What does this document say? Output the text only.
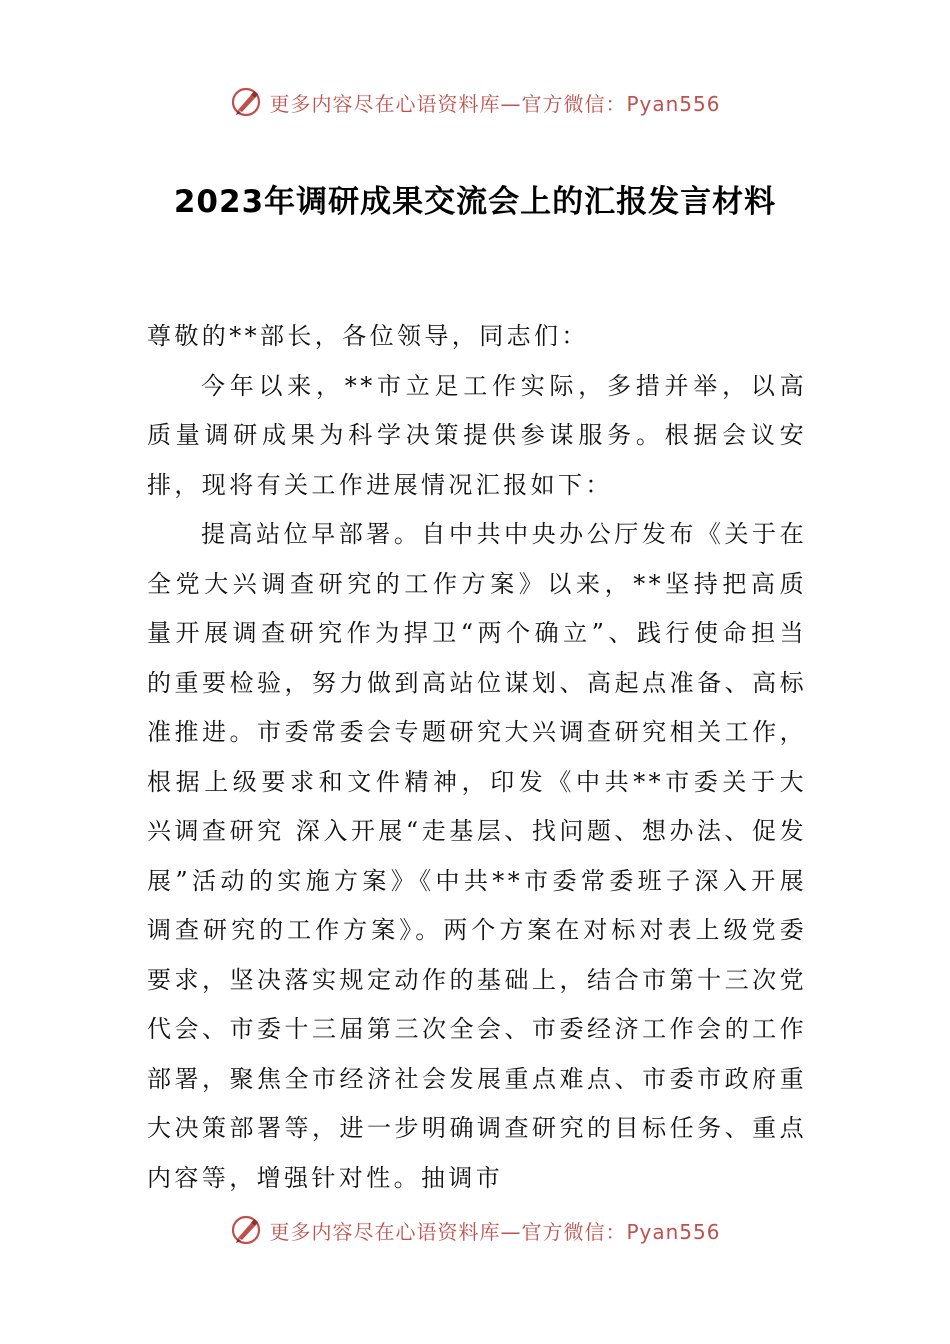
更多内容尽在心语资料库—官方微信：Pyan556
2023年调研成果交流会上的汇报发言材料

尊敬的**部长，各位领导，同志们：

今年以来，**市立足工作实际，多措并举，以高质量调研成果为科学决策提供参谋服务。根据会议安排，现将有关工作进展情况汇报如下：

提高站位早部署。自中共中央办公厅发布《关于在全党大兴调查研究的工作方案》以来，**坚持把高质量开展调查研究作为捍卫“两个确立”、践行使命担当的重要检验，努力做到高站位谋划、高起点准备、高标准推进。市委常委会专题研究大兴调查研究相关工作，根据上级要求和文件精神，印发《中共**市委关于大兴调查研究 深入开展“走基层、找问题、想办法、促发展”活动的实施方案》《中共**市委常委班子深入开展调查研究的工作方案》。两个方案在对标对表上级党委要求，坚决落实规定动作的基础上，结合市第十三次党代会、市委十三届第三次全会、市委经济工作会的工作部署，聚焦全市经济社会发展重点难点、市委市政府重大决策部署等，进一步明确调查研究的目标任务、重点内容等，增强针对性。抽调市

更多内容尽在心语资料库—官方微信：Pyan556
